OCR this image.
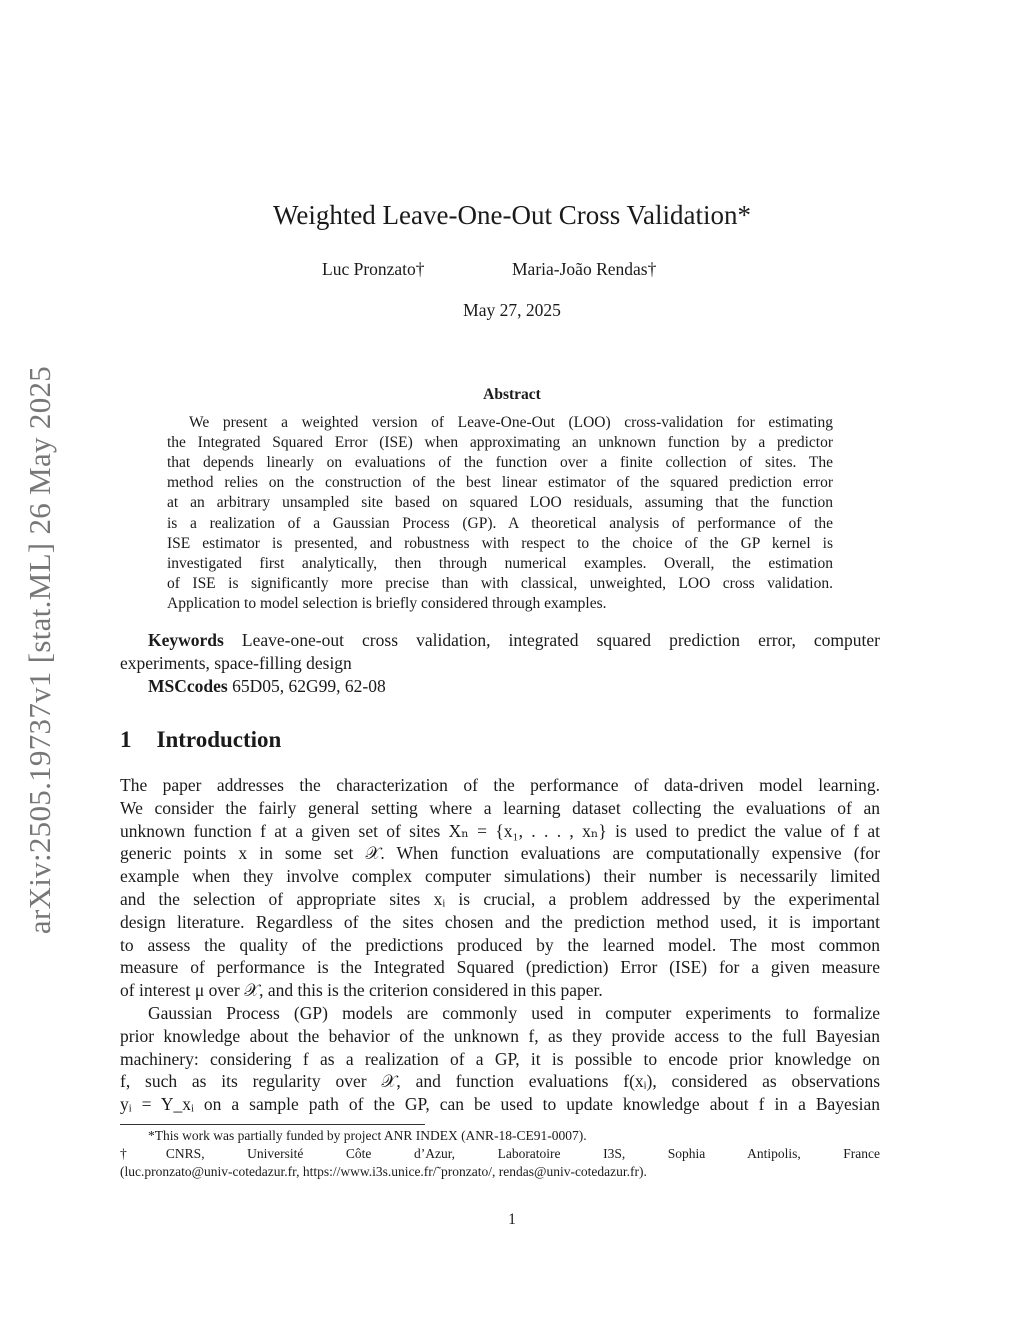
arXiv:2505.19737v1 [stat.ML] 26 May 2025
Weighted Leave-One-Out Cross Validation*
Luc Pronzato†	Maria-João Rendas†
May 27, 2025
Abstract
Keywords Leave-one-out cross validation, integrated squared prediction error, computer
experiments, space-filling design
MSCcodes 65D05, 62G99, 62-08
1 Introduction
1
We present a weighted version of Leave-One-Out (LOO) cross-validation for estimating
the Integrated Squared Error (ISE) when approximating an unknown function by a predictor
that depends linearly on evaluations of the function over a finite collection of sites. The
method relies on the construction of the best linear estimator of the squared prediction error
at an arbitrary unsampled site based on squared LOO residuals, assuming that the function
is a realization of a Gaussian Process (GP). A theoretical analysis of performance of the
ISE estimator is presented, and robustness with respect to the choice of the GP kernel is
investigated first analytically, then through numerical examples. Overall, the estimation
of ISE is significantly more precise than with classical, unweighted, LOO cross validation.
Application to model selection is briefly considered through examples.
The paper addresses the characterization of the performance of data-driven model learning.
We consider the fairly general setting where a learning dataset collecting the evaluations of an
unknown function f at a given set of sites Xₙ = {x₁, . . . , xₙ} is used to predict the value of f at
generic points x in some set 𝒳. When function evaluations are computationally expensive (for
example when they involve complex computer simulations) their number is necessarily limited
and the selection of appropriate sites xᵢ is crucial, a problem addressed by the experimental
design literature. Regardless of the sites chosen and the prediction method used, it is important
to assess the quality of the predictions produced by the learned model. The most common
measure of performance is the Integrated Squared (prediction) Error (ISE) for a given measure
of interest μ over 𝒳, and this is the criterion considered in this paper.
Gaussian Process (GP) models are commonly used in computer experiments to formalize
prior knowledge about the behavior of the unknown f, as they provide access to the full Bayesian
machinery: considering f as a realization of a GP, it is possible to encode prior knowledge on
f, such as its regularity over 𝒳, and function evaluations f(xᵢ), considered as observations
yᵢ = Y_xᵢ on a sample path of the GP, can be used to update knowledge about f in a Bayesian
*This work was partially funded by project ANR INDEX (ANR-18-CE91-0007).
†CNRS, Université Côte d’Azur, Laboratoire I3S, Sophia Antipolis, France
(luc.pronzato@univ-cotedazur.fr, https://www.i3s.unice.fr/˜pronzato/, rendas@univ-cotedazur.fr).
